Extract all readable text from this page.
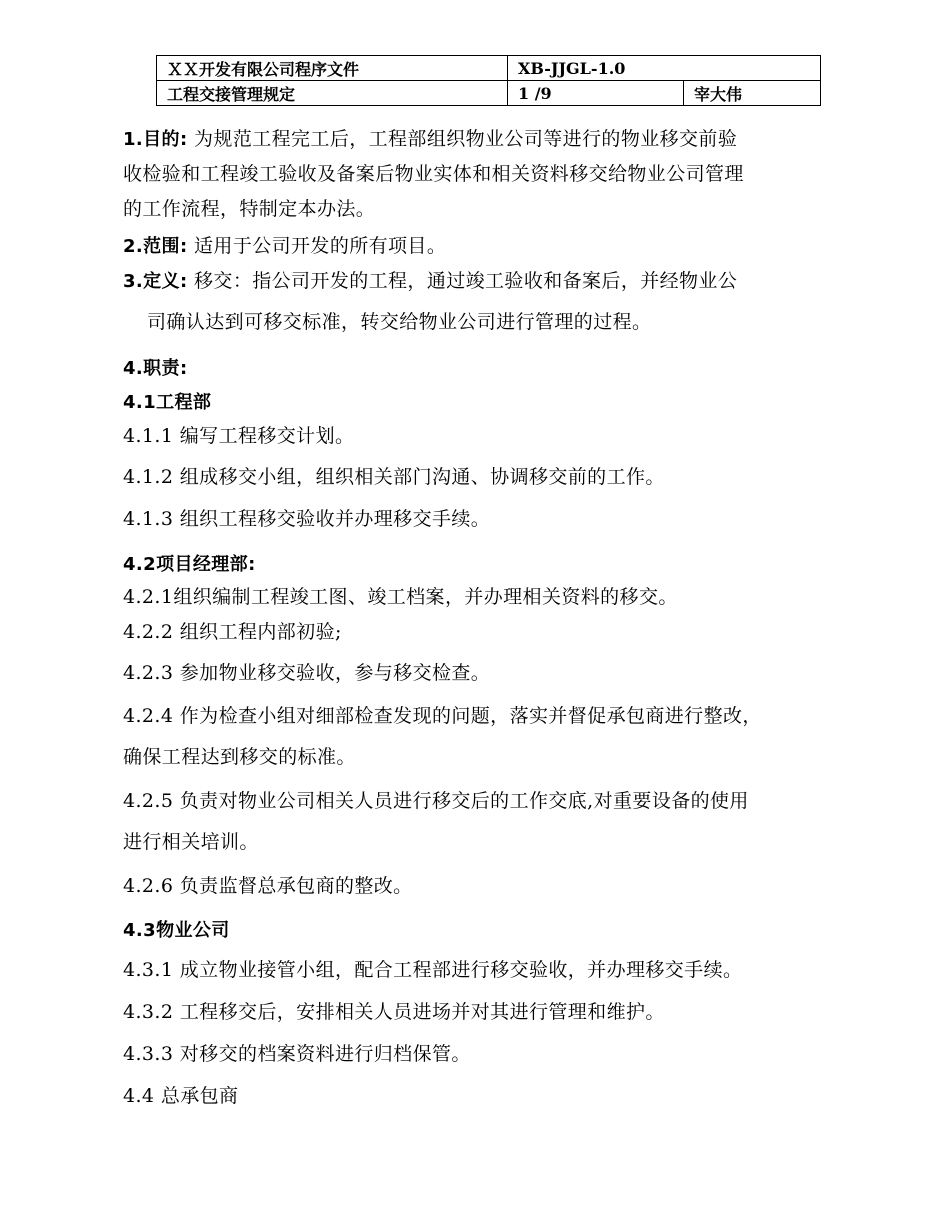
ＸＸ开发有限公司程序文件	XB-JJGL-1.0	
工程交接管理规定	1 /9	宰大伟
1.目的: 为规范工程完工后，工程部组织物业公司等进行的物业移交前验
收检验和工程竣工验收及备案后物业实体和相关资料移交给物业公司管理
的工作流程，特制定本办法。
2.范围: 适用于公司开发的所有项目。
3.定义: 移交：指公司开发的工程，通过竣工验收和备案后，并经物业公
司确认达到可移交标准，转交给物业公司进行管理的过程。
4.职责:
4.1工程部
4.1.1 编写工程移交计划。
4.1.2 组成移交小组，组织相关部门沟通、协调移交前的工作。
4.1.3 组织工程移交验收并办理移交手续。
4.2项目经理部:
4.2.1组织编制工程竣工图、竣工档案，并办理相关资料的移交。
4.2.2 组织工程内部初验;
4.2.3 参加物业移交验收，参与移交检查。
4.2.4 作为检查小组对细部检查发现的问题，落实并督促承包商进行整改，
确保工程达到移交的标准。
4.2.5 负责对物业公司相关人员进行移交后的工作交底,对重要设备的使用
进行相关培训。
4.2.6 负责监督总承包商的整改。
4.3物业公司
4.3.1 成立物业接管小组，配合工程部进行移交验收，并办理移交手续。
4.3.2 工程移交后，安排相关人员进场并对其进行管理和维护。
4.3.3 对移交的档案资料进行归档保管。
4.4 总承包商
